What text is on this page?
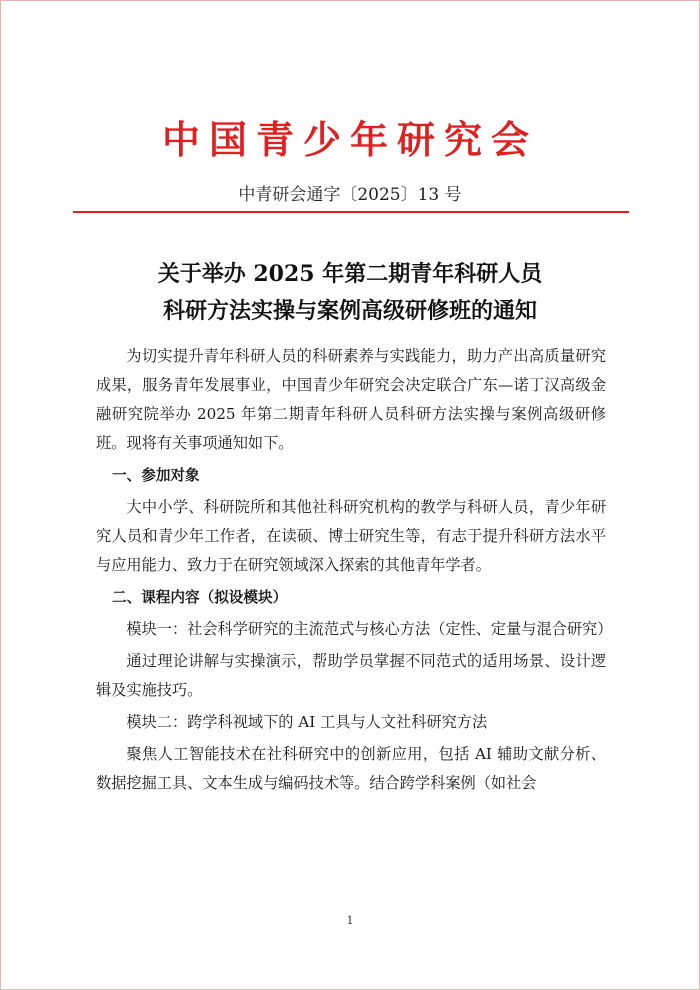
中国青少年研究会
中青研会通字〔2025〕13 号
关于举办 2025 年第二期青年科研人员
科研方法实操与案例高级研修班的通知

为切实提升青年科研人员的科研素养与实践能力，助力产出高质量研究成果，服务青年发展事业，中国青少年研究会决定联合广东—诺丁汉高级金融研究院举办 2025 年第二期青年科研人员科研方法实操与案例高级研修班。现将有关事项通知如下。

一、参加对象

大中小学、科研院所和其他社科研究机构的教学与科研人员，青少年研究人员和青少年工作者，在读硕、博士研究生等，有志于提升科研方法水平与应用能力、致力于在研究领域深入探索的其他青年学者。

二、课程内容（拟设模块）

模块一：社会科学研究的主流范式与核心方法（定性、定量与混合研究）

通过理论讲解与实操演示，帮助学员掌握不同范式的适用场景、设计逻辑及实施技巧。

模块二：跨学科视域下的 AI 工具与人文社科研究方法

聚焦人工智能技术在社科研究中的创新应用，包括 AI 辅助文献分析、数据挖掘工具、文本生成与编码技术等。结合跨学科案例（如社会

1
